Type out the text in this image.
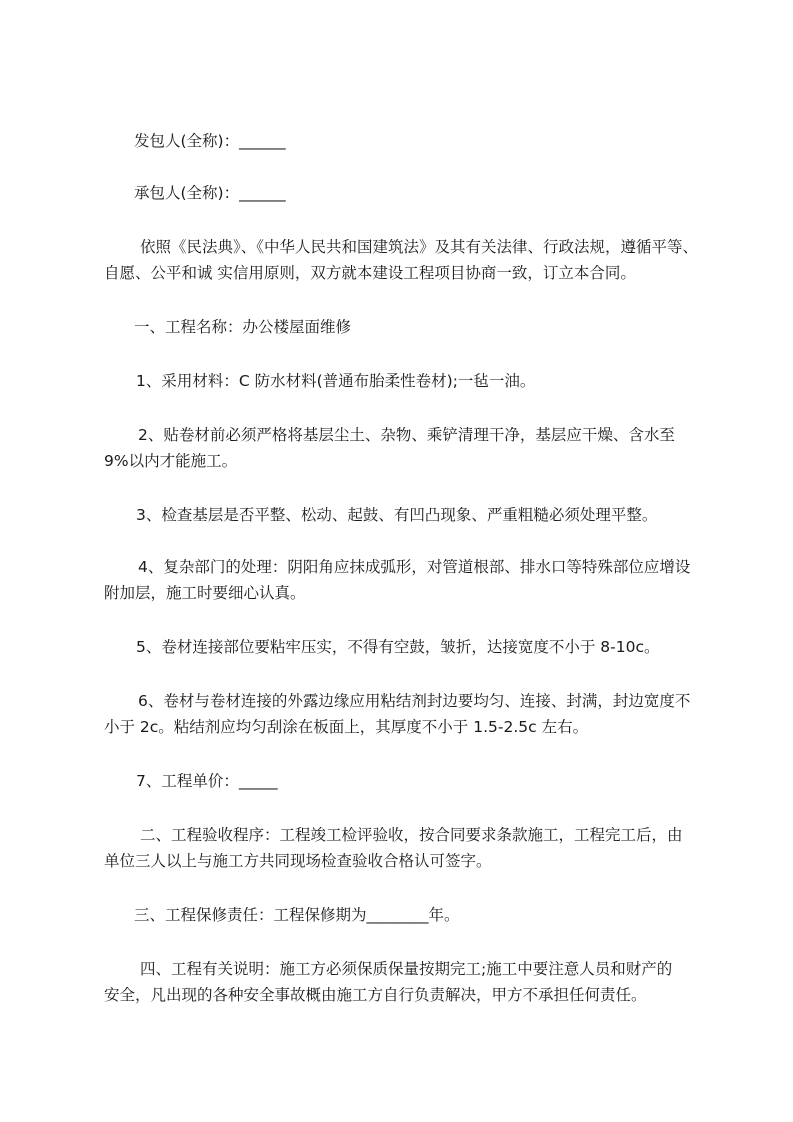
发包人(全称)：______
承包人(全称)：______
依照《民法典》、《中华人民共和国建筑法》及其有关法律、行政法规，遵循平等、
自愿、公平和诚 实信用原则，双方就本建设工程项目协商一致，订立本合同。
一、工程名称：办公楼屋面维修
1、采用材料：C 防水材料(普通布胎柔性卷材);一毡一油。
2、贴卷材前必须严格将基层尘土、杂物、乘铲清理干净，基层应干燥、含水至
9%以内才能施工。
3、检查基层是否平整、松动、起鼓、有凹凸现象、严重粗糙必须处理平整。
4、复杂部门的处理：阴阳角应抹成弧形，对管道根部、排水口等特殊部位应增设
附加层，施工时要细心认真。
5、卷材连接部位要粘牢压实，不得有空鼓，皱折，达接宽度不小于 8-10c。
6、卷材与卷材连接的外露边缘应用粘结剂封边要均匀、连接、封满，封边宽度不
小于 2c。粘结剂应均匀刮涂在板面上，其厚度不小于 1.5-2.5c 左右。
7、工程单价：_____
二、工程验收程序：工程竣工检评验收，按合同要求条款施工，工程完工后，由
单位三人以上与施工方共同现场检查验收合格认可签字。
三、工程保修责任：工程保修期为________年。
四、工程有关说明：施工方必须保质保量按期完工;施工中要注意人员和财产的
安全，凡出现的各种安全事故概由施工方自行负责解决，甲方不承担任何责任。
